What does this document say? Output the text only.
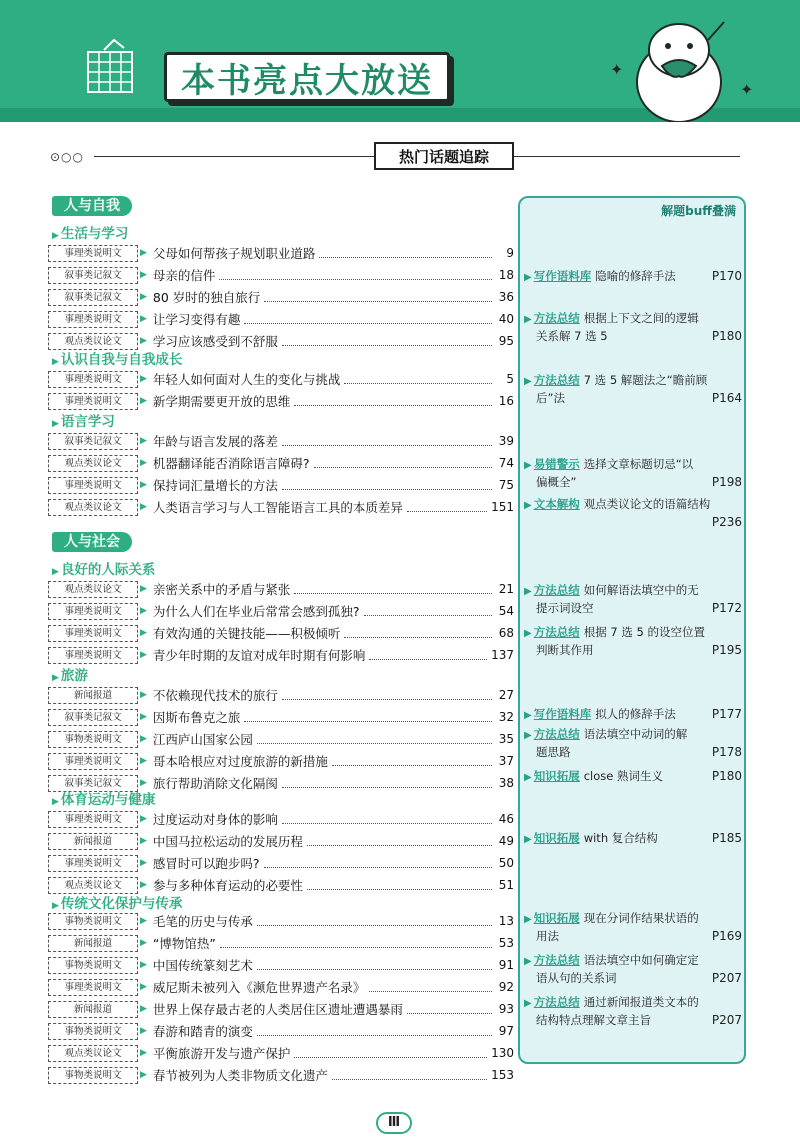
本书亮点大放送	✦
✦
⊙○○	热门话题追踪
解题buff叠满
▶ 写作语料库 隐喻的修辞手法	P170
▶ 方法总结 根据上下文之间的逻辑
关系解 7 选 5	P180
▶ 方法总结 7 选 5 解题法之“瞻前顾
后”法	P164
▶ 易错警示 选择文章标题切忌“以
偏概全”	P198
▶ 文本解构 观点类议论文的语篇结构
P236
▶ 方法总结 如何解语法填空中的无
提示词设空	P172
▶ 方法总结 根据 7 选 5 的设空位置
判断其作用	P195
▶ 写作语料库 拟人的修辞手法	P177
▶ 方法总结 语法填空中动词的解
题思路	P178
▶ 知识拓展 close 熟词生义	P180
▶ 知识拓展 with 复合结构	P185
▶ 知识拓展 现在分词作结果状语的
用法	P169
▶ 方法总结 语法填空中如何确定定
语从句的关系词	P207
▶ 方法总结 通过新闻报道类文本的
结构特点理解文章主旨	P207
人与自我
人与社会
▶ 生活与学习
▶ 认识自我与自我成长
▶ 语言学习
▶ 良好的人际关系
▶ 旅游
▶ 体育运动与健康
▶ 传统文化保护与传承
事理类说明文	▶ 父母如何帮孩子规划职业道路	9
叙事类记叙文	▶ 母亲的信件	18
叙事类记叙文	▶ 80 岁时的独自旅行	36
事理类说明文	▶ 让学习变得有趣	40
观点类议论文	▶ 学习应该感受到不舒服	95
事理类说明文	▶ 年轻人如何面对人生的变化与挑战	5
事理类说明文	▶ 新学期需要更开放的思维	16
叙事类记叙文	▶ 年龄与语言发展的落差	39
观点类议论文	▶ 机器翻译能否消除语言障碍?	74
事理类说明文	▶ 保持词汇量增长的方法	75
观点类议论文	▶ 人类语言学习与人工智能语言工具的本质差异	151
观点类议论文	▶ 亲密关系中的矛盾与紧张	21
事理类说明文	▶ 为什么人们在毕业后常常会感到孤独?	54
事理类说明文	▶ 有效沟通的关键技能——积极倾听	68
事理类说明文	▶ 青少年时期的友谊对成年时期有何影响	137
新闻报道	▶ 不依赖现代技术的旅行	27
叙事类记叙文	▶ 因斯布鲁克之旅	32
事物类说明文	▶ 江西庐山国家公园	35
事理类说明文	▶ 哥本哈根应对过度旅游的新措施	37
叙事类记叙文	▶ 旅行帮助消除文化隔阂	38
事理类说明文	▶ 过度运动对身体的影响	46
新闻报道	▶ 中国马拉松运动的发展历程	49
事理类说明文	▶ 感冒时可以跑步吗?	50
观点类议论文	▶ 参与多种体育运动的必要性	51
事物类说明文	▶ 毛笔的历史与传承	13
新闻报道	▶ “博物馆热”	53
事物类说明文	▶ 中国传统篆刻艺术	91
事理类说明文	▶ 威尼斯未被列入《濒危世界遗产名录》	92
新闻报道	▶ 世界上保存最古老的人类居住区遗址遭遇暴雨	93
事物类说明文	▶ 春游和踏青的演变	97
观点类议论文	▶ 平衡旅游开发与遗产保护	130
事物类说明文	▶ 春节被列为人类非物质文化遗产	153
Ⅲ
